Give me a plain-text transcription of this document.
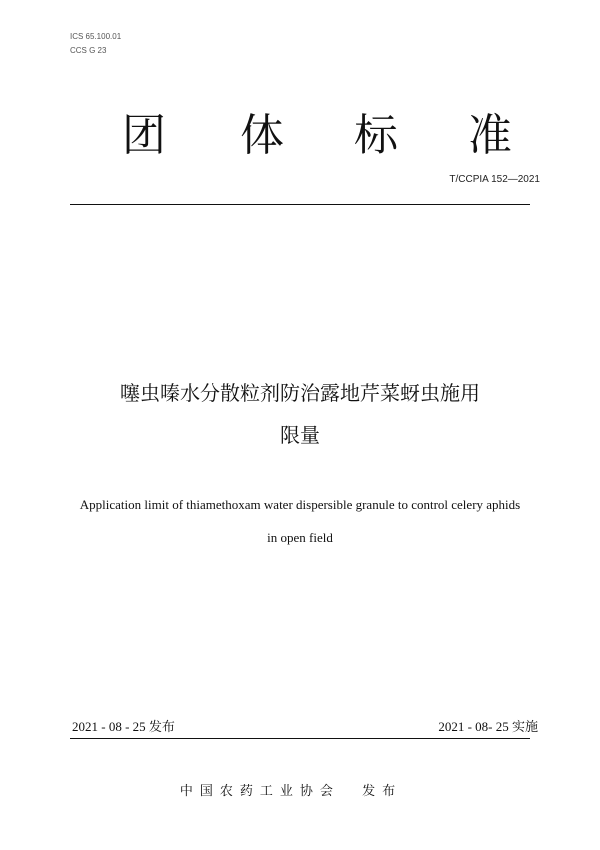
ICS 65.100.01
CCS G 23
团 体 标 准
T/CCPIA 152—2021
噻虫嗪水分散粒剂防治露地芹菜蚜虫施用
限量
Application limit of thiamethoxam water dispersible granule to control celery aphids
in open field
2021 - 08 - 25 发布	2021 - 08- 25 实施
中国农药工业协会  发布
